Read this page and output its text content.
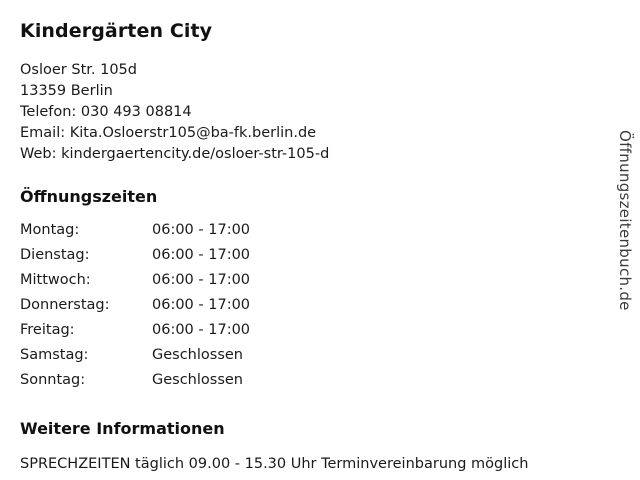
Kindergärten City
Osloer Str. 105d
13359 Berlin
Telefon: 030 493 08814
Email: Kita.Osloerstr105@ba-fk.berlin.de
Web: kindergaertencity.de/osloer-str-105-d
Öffnungszeiten
Montag:	06:00 - 17:00
Dienstag:	06:00 - 17:00
Mittwoch:	06:00 - 17:00
Donnerstag:	06:00 - 17:00
Freitag:	06:00 - 17:00
Samstag:	Geschlossen
Sonntag:	Geschlossen
Weitere Informationen
SPRECHZEITEN täglich 09.00 - 15.30 Uhr Terminvereinbarung möglich
Öffnungszeitenbuch.de
